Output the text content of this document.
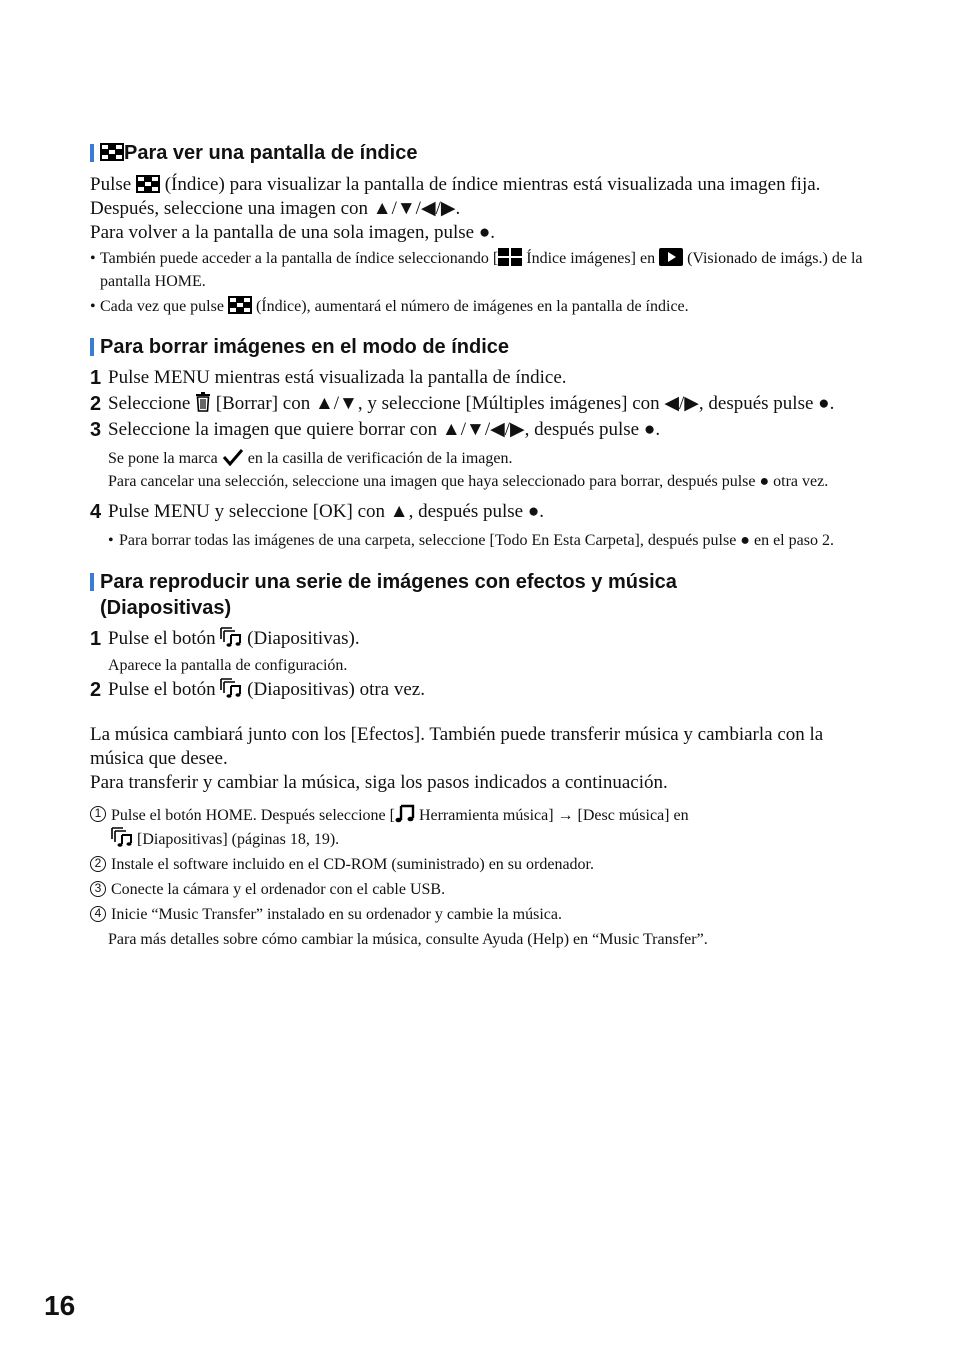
Para ver una pantalla de índice

Pulse (Índice) para visualizar la pantalla de índice mientras está visualizada una imagen fija.

Después, seleccione una imagen con ▲/▼/◀/▶.

Para volver a la pantalla de una sola imagen, pulse ●.

• También puede acceder a la pantalla de índice seleccionando [ Índice imágenes] en (Visionado de imágs.) de la pantalla HOME.

• Cada vez que pulse (Índice), aumentará el número de imágenes en la pantalla de índice.

Para borrar imágenes en el modo de índice

1 Pulse MENU mientras está visualizada la pantalla de índice.

2 Seleccione [Borrar] con ▲/▼, y seleccione [Múltiples imágenes] con ◀/▶, después pulse ●.

3 Seleccione la imagen que quiere borrar con ▲/▼/◀/▶, después pulse ●.

Se pone la marca en la casilla de verificación de la imagen.

Para cancelar una selección, seleccione una imagen que haya seleccionado para borrar, después pulse ● otra vez.

4 Pulse MENU y seleccione [OK] con ▲, después pulse ●.

• Para borrar todas las imágenes de una carpeta, seleccione [Todo En Esta Carpeta], después pulse ● en el paso 2.

Para reproducir una serie de imágenes con efectos y música
(Diapositivas)

1 Pulse el botón (Diapositivas).

Aparece la pantalla de configuración.

2 Pulse el botón (Diapositivas) otra vez.

La música cambiará junto con los [Efectos]. También puede transferir música y cambiarla con la música que desee.

Para transferir y cambiar la música, siga los pasos indicados a continuación.

1 Pulse el botón HOME. Después seleccione [ Herramienta música] → [Desc música] en
[Diapositivas] (páginas 18, 19).

2 Instale el software incluido en el CD-ROM (suministrado) en su ordenador.

3 Conecte la cámara y el ordenador con el cable USB.

4 Inicie “Music Transfer” instalado en su ordenador y cambie la música.

Para más detalles sobre cómo cambiar la música, consulte Ayuda (Help) en “Music Transfer”.

16
